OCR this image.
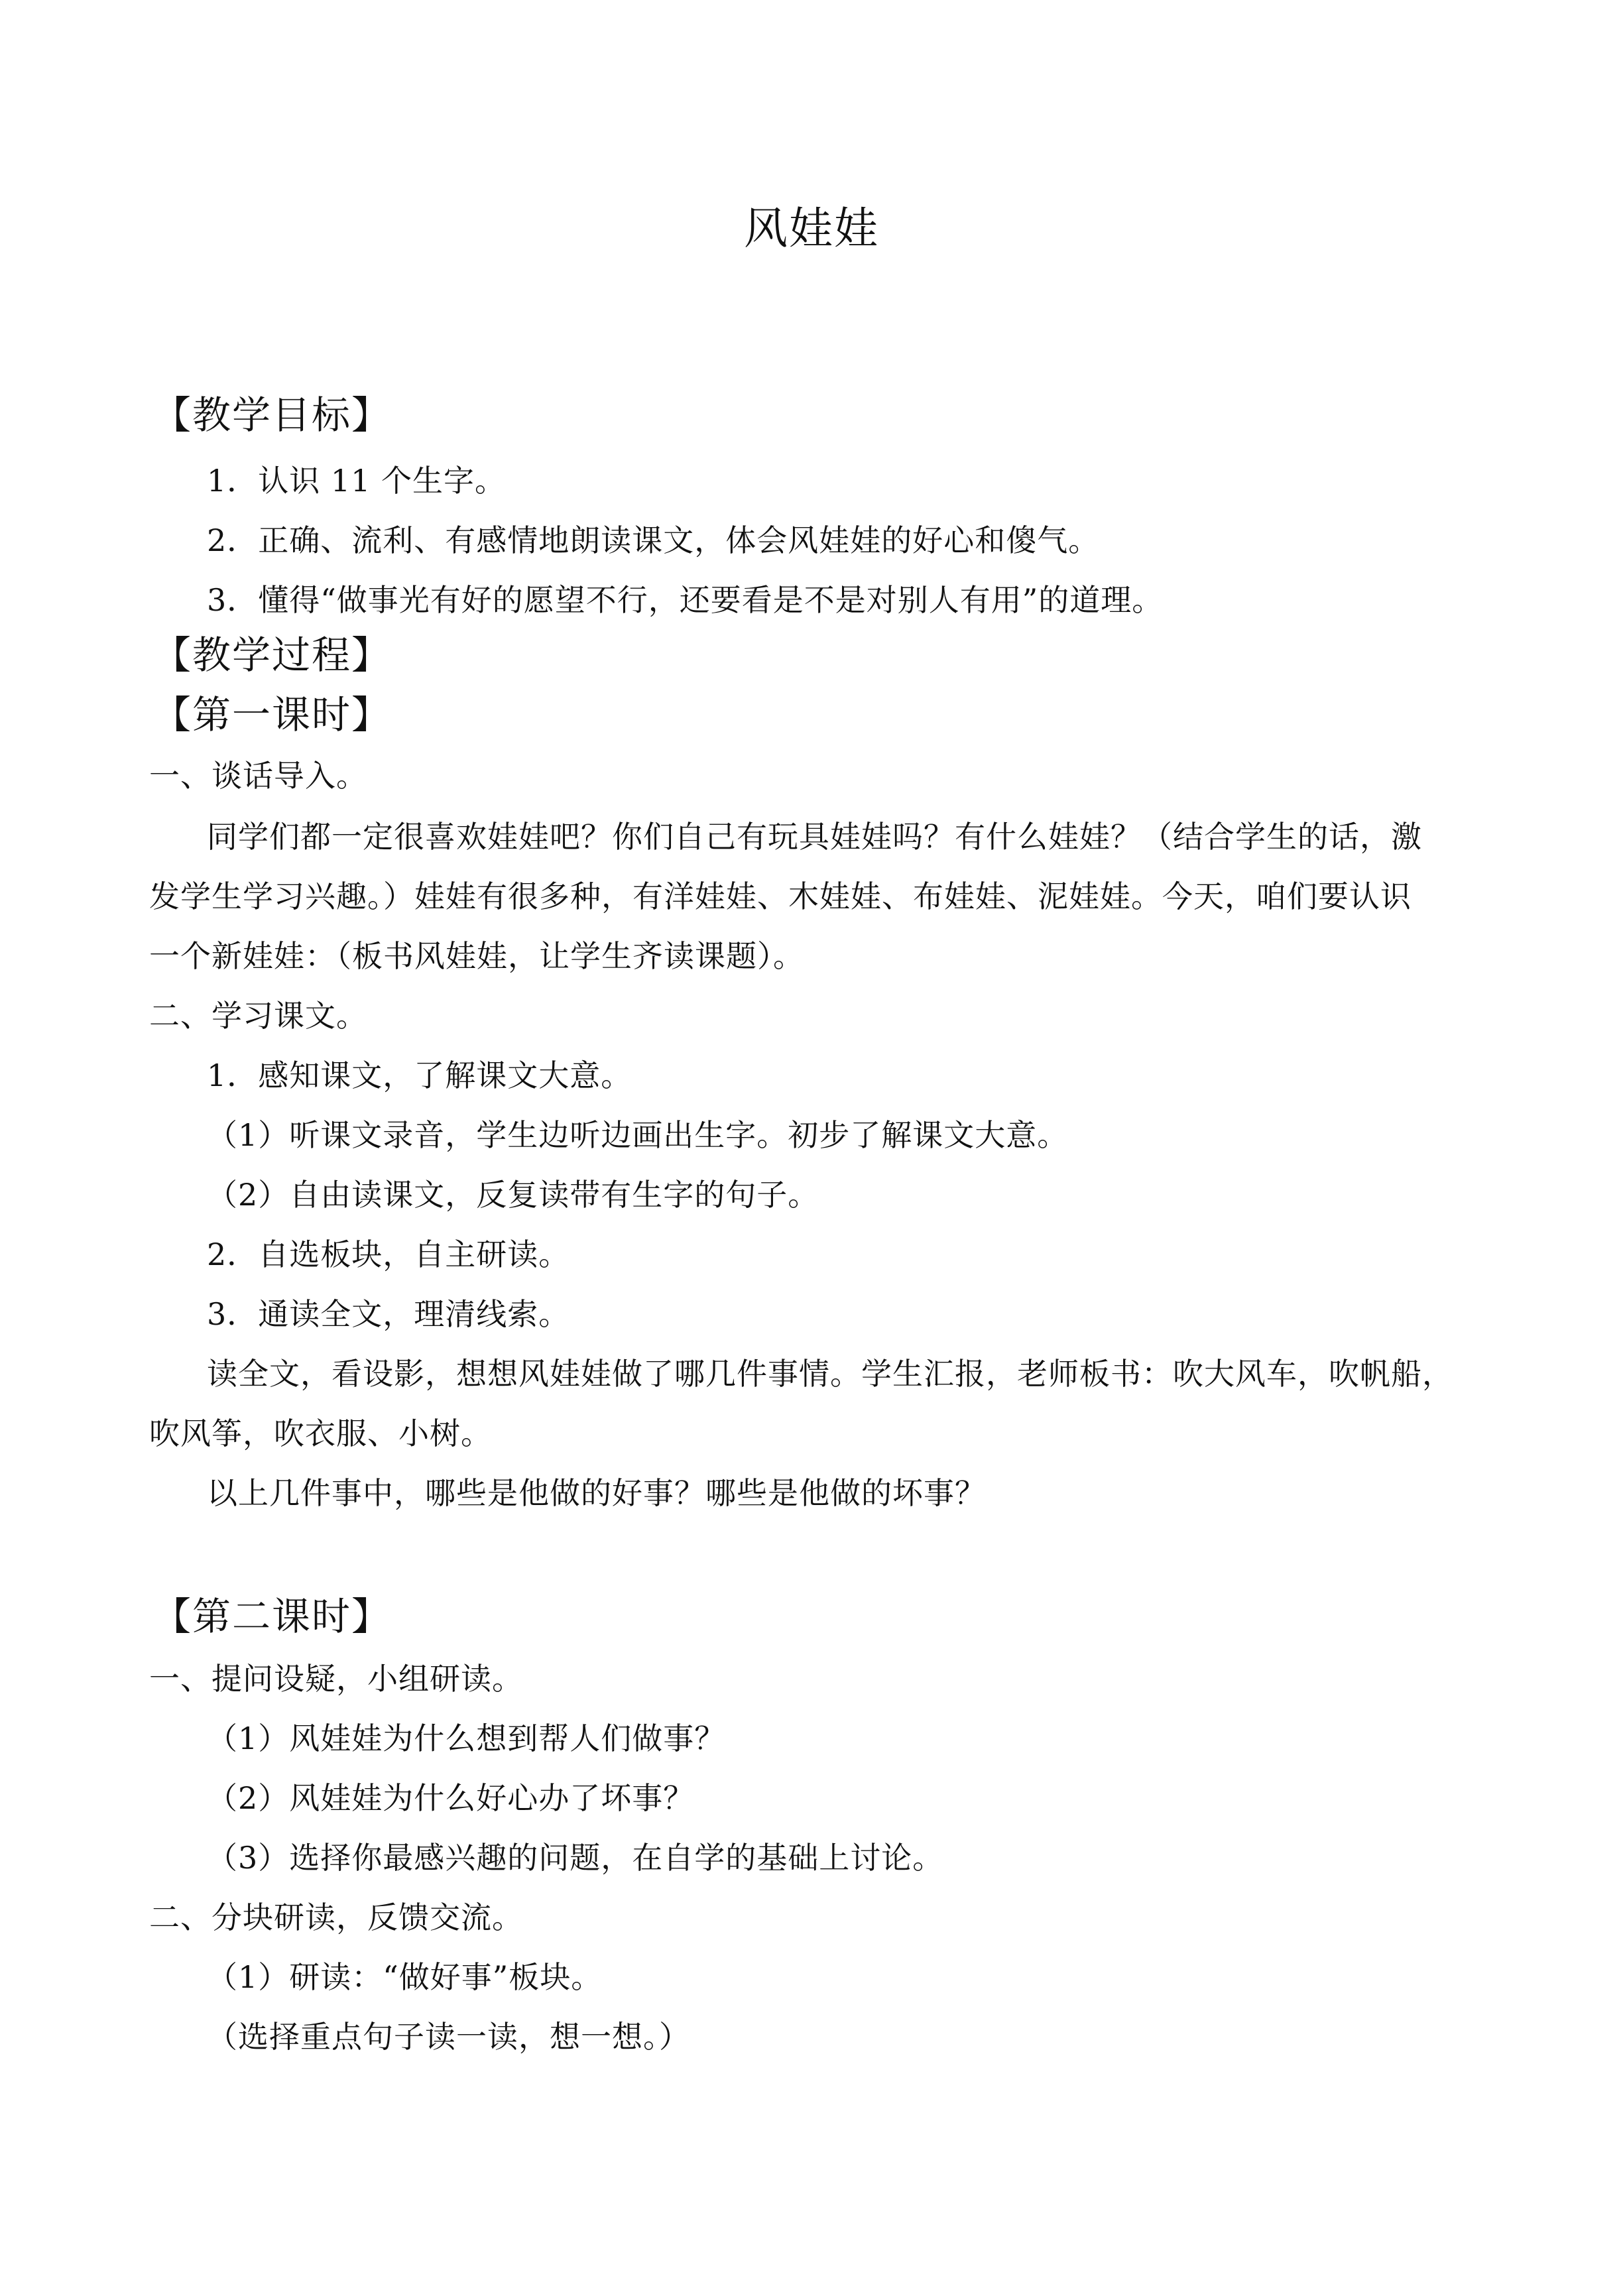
风娃娃
【教学目标】
1．认识 11 个生字。
2．正确、流利、有感情地朗读课文，体会风娃娃的好心和傻气。
3．懂得“做事光有好的愿望不行，还要看是不是对别人有用”的道理。
【教学过程】
【第一课时】
一、谈话导入。
同学们都一定很喜欢娃娃吧？你们自己有玩具娃娃吗？有什么娃娃？（结合学生的话，激
发学生学习兴趣。）娃娃有很多种，有洋娃娃、木娃娃、布娃娃、泥娃娃。今天，咱们要认识
一个新娃娃：（板书风娃娃，让学生齐读课题）。
二、学习课文。
1．感知课文，了解课文大意。
（1）听课文录音，学生边听边画出生字。初步了解课文大意。
（2）自由读课文，反复读带有生字的句子。
2．自选板块，自主研读。
3．通读全文，理清线索。
读全文，看设影，想想风娃娃做了哪几件事情。学生汇报，老师板书：吹大风车，吹帆船，
吹风筝，吹衣服、小树。
以上几件事中，哪些是他做的好事？哪些是他做的坏事？
【第二课时】
一、提问设疑，小组研读。
（1）风娃娃为什么想到帮人们做事？
（2）风娃娃为什么好心办了坏事？
（3）选择你最感兴趣的问题，在自学的基础上讨论。
二、分块研读，反馈交流。
（1）研读：“做好事”板块。
（选择重点句子读一读，想一想。）
